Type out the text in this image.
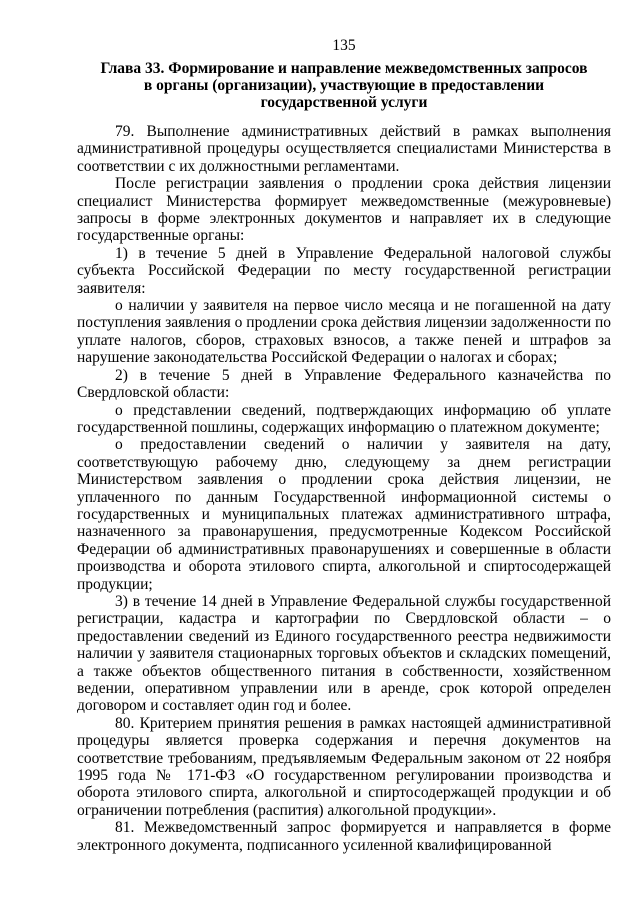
135
Глава 33. Формирование и направление межведомственных запросов
в органы (организации), участвующие в предоставлении
государственной услуги

79. Выполнение административных действий в рамках выполнения административной процедуры осуществляется специалистами Министерства в соответствии с их должностными регламентами.

После регистрации заявления о продлении срока действия лицензии специалист Министерства формирует межведомственные (межуровневые) запросы в форме электронных документов и направляет их в следующие государственные органы:

1) в течение 5 дней в Управление Федеральной налоговой службы субъекта Российской Федерации по месту государственной регистрации заявителя:

о наличии у заявителя на первое число месяца и не погашенной на дату поступления заявления о продлении срока действия лицензии задолженности по уплате налогов, сборов, страховых взносов, а также пеней и штрафов за нарушение законодательства Российской Федерации о налогах и сборах;

2) в течение 5 дней в Управление Федерального казначейства по Свердловской области:

о представлении сведений, подтверждающих информацию об уплате государственной пошлины, содержащих информацию о платежном документе;

о предоставлении сведений о наличии у заявителя на дату, соответствующую рабочему дню, следующему за днем регистрации Министерством заявления о продлении срока действия лицензии, не уплаченного по данным Государственной информационной системы о государственных и муниципальных платежах административного штрафа, назначенного за правонарушения, предусмотренные Кодексом Российской Федерации об административных правонарушениях и совершенные в области производства и оборота этилового спирта, алкогольной и спиртосодержащей продукции;

3) в течение 14 дней в Управление Федеральной службы государственной регистрации, кадастра и картографии по Свердловской области – о предоставлении сведений из Единого государственного реестра недвижимости наличии у заявителя стационарных торговых объектов и складских помещений, а также объектов общественного питания в собственности, хозяйственном ведении, оперативном управлении или в аренде, срок которой определен договором и составляет один год и более.

80. Критерием принятия решения в рамках настоящей административной процедуры является проверка содержания и перечня документов на соответствие требованиям, предъявляемым Федеральным законом от 22 ноября 1995 года № 171-ФЗ «О государственном регулировании производства и оборота этилового спирта, алкогольной и спиртосодержащей продукции и об ограничении потребления (распития) алкогольной продукции».

81. Межведомственный запрос формируется и направляется в форме электронного документа, подписанного усиленной квалифицированной
